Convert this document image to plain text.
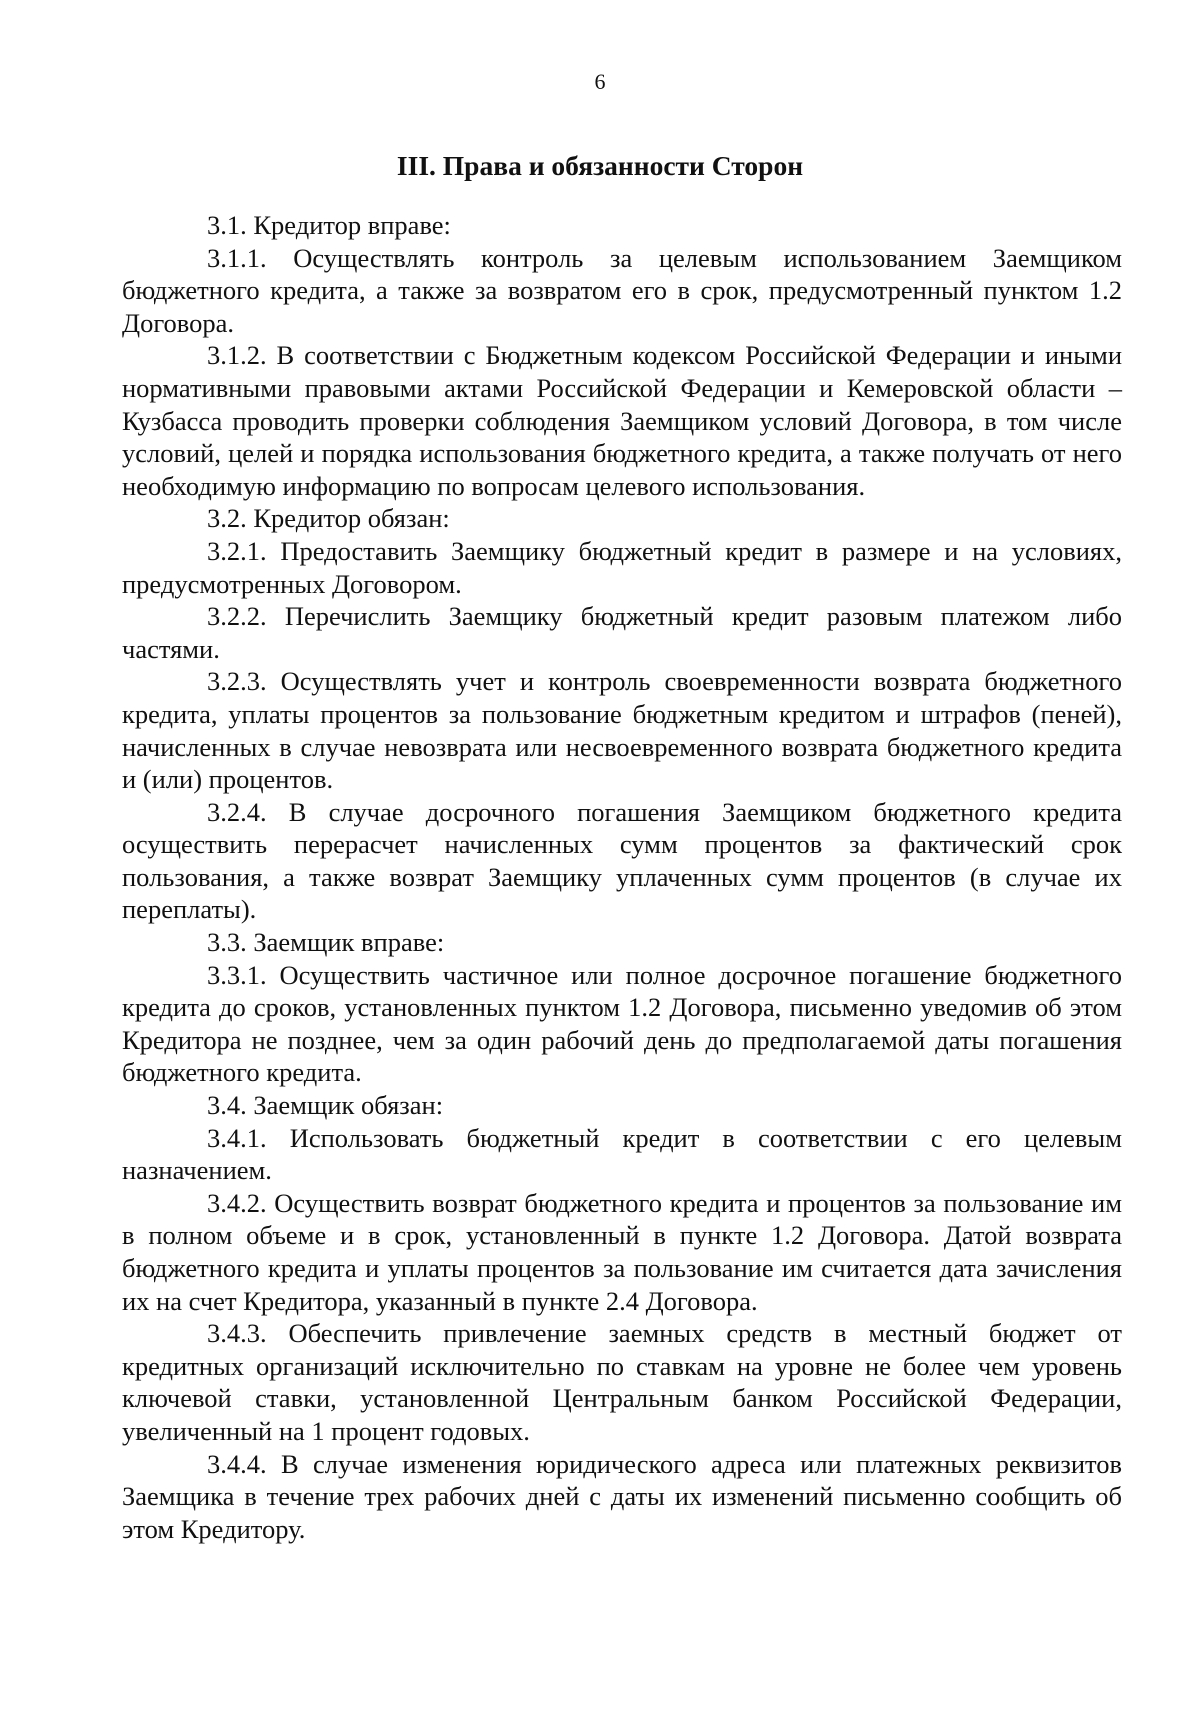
6
III. Права и обязанности Сторон

3.1. Кредитор вправе:

3.1.1. Осуществлять контроль за целевым использованием Заемщиком бюджетного кредита, а также за возвратом его в срок, предусмотренный пунктом 1.2 Договора.

3.1.2. В соответствии с Бюджетным кодексом Российской Федерации и иными нормативными правовыми актами Российской Федерации и Кемеровской области – Кузбасса проводить проверки соблюдения Заемщиком условий Договора, в том числе условий, целей и порядка использования бюджетного кредита, а также получать от него необходимую информацию по вопросам целевого использования.

3.2. Кредитор обязан:

3.2.1. Предоставить Заемщику бюджетный кредит в размере и на условиях, предусмотренных Договором.

3.2.2. Перечислить Заемщику бюджетный кредит разовым платежом либо частями.

3.2.3. Осуществлять учет и контроль своевременности возврата бюджетного кредита, уплаты процентов за пользование бюджетным кредитом и штрафов (пеней), начисленных в случае невозврата или несвоевременного возврата бюджетного кредита и (или) процентов.

3.2.4. В случае досрочного погашения Заемщиком бюджетного кредита осуществить перерасчет начисленных сумм процентов за фактический срок пользования, а также возврат Заемщику уплаченных сумм процентов (в случае их переплаты).

3.3. Заемщик вправе:

3.3.1. Осуществить частичное или полное досрочное погашение бюджетного кредита до сроков, установленных пунктом 1.2 Договора, письменно уведомив об этом Кредитора не позднее, чем за один рабочий день до предполагаемой даты погашения бюджетного кредита.

3.4. Заемщик обязан:

3.4.1. Использовать бюджетный кредит в соответствии с его целевым назначением.

3.4.2. Осуществить возврат бюджетного кредита и процентов за пользование им в полном объеме и в срок, установленный в пункте 1.2 Договора. Датой возврата бюджетного кредита и уплаты процентов за пользование им считается дата зачисления их на счет Кредитора, указанный в пункте 2.4 Договора.

3.4.3. Обеспечить привлечение заемных средств в местный бюджет от кредитных организаций исключительно по ставкам на уровне не более чем уровень ключевой ставки, установленной Центральным банком Российской Федерации, увеличенный на 1 процент годовых.

3.4.4. В случае изменения юридического адреса или платежных реквизитов Заемщика в течение трех рабочих дней с даты их изменений письменно сообщить об этом Кредитору.
